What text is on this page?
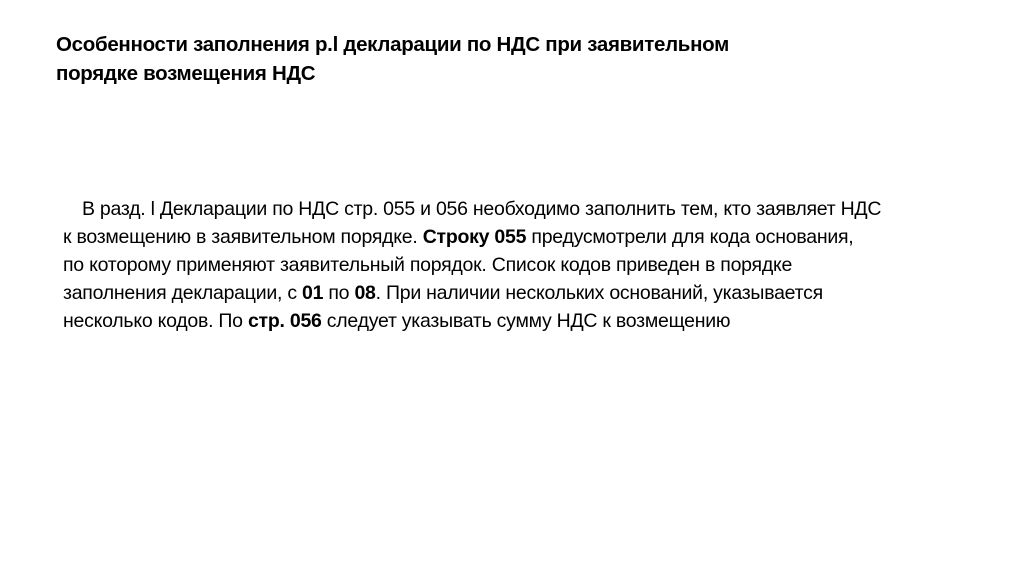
Особенности заполнения р.l декларации по НДС при заявительном
порядке возмещения НДС

В разд. l Декларации по НДС стр. 055 и 056 необходимо заполнить тем, кто заявляет НДС
к возмещению в заявительном порядке. Строку 055 предусмотрели для кода основания,
по которому применяют заявительный порядок. Список кодов приведен в порядке
заполнения декларации, с 01 по 08. При наличии нескольких оснований, указывается
несколько кодов. По стр. 056 следует указывать сумму НДС к возмещению
